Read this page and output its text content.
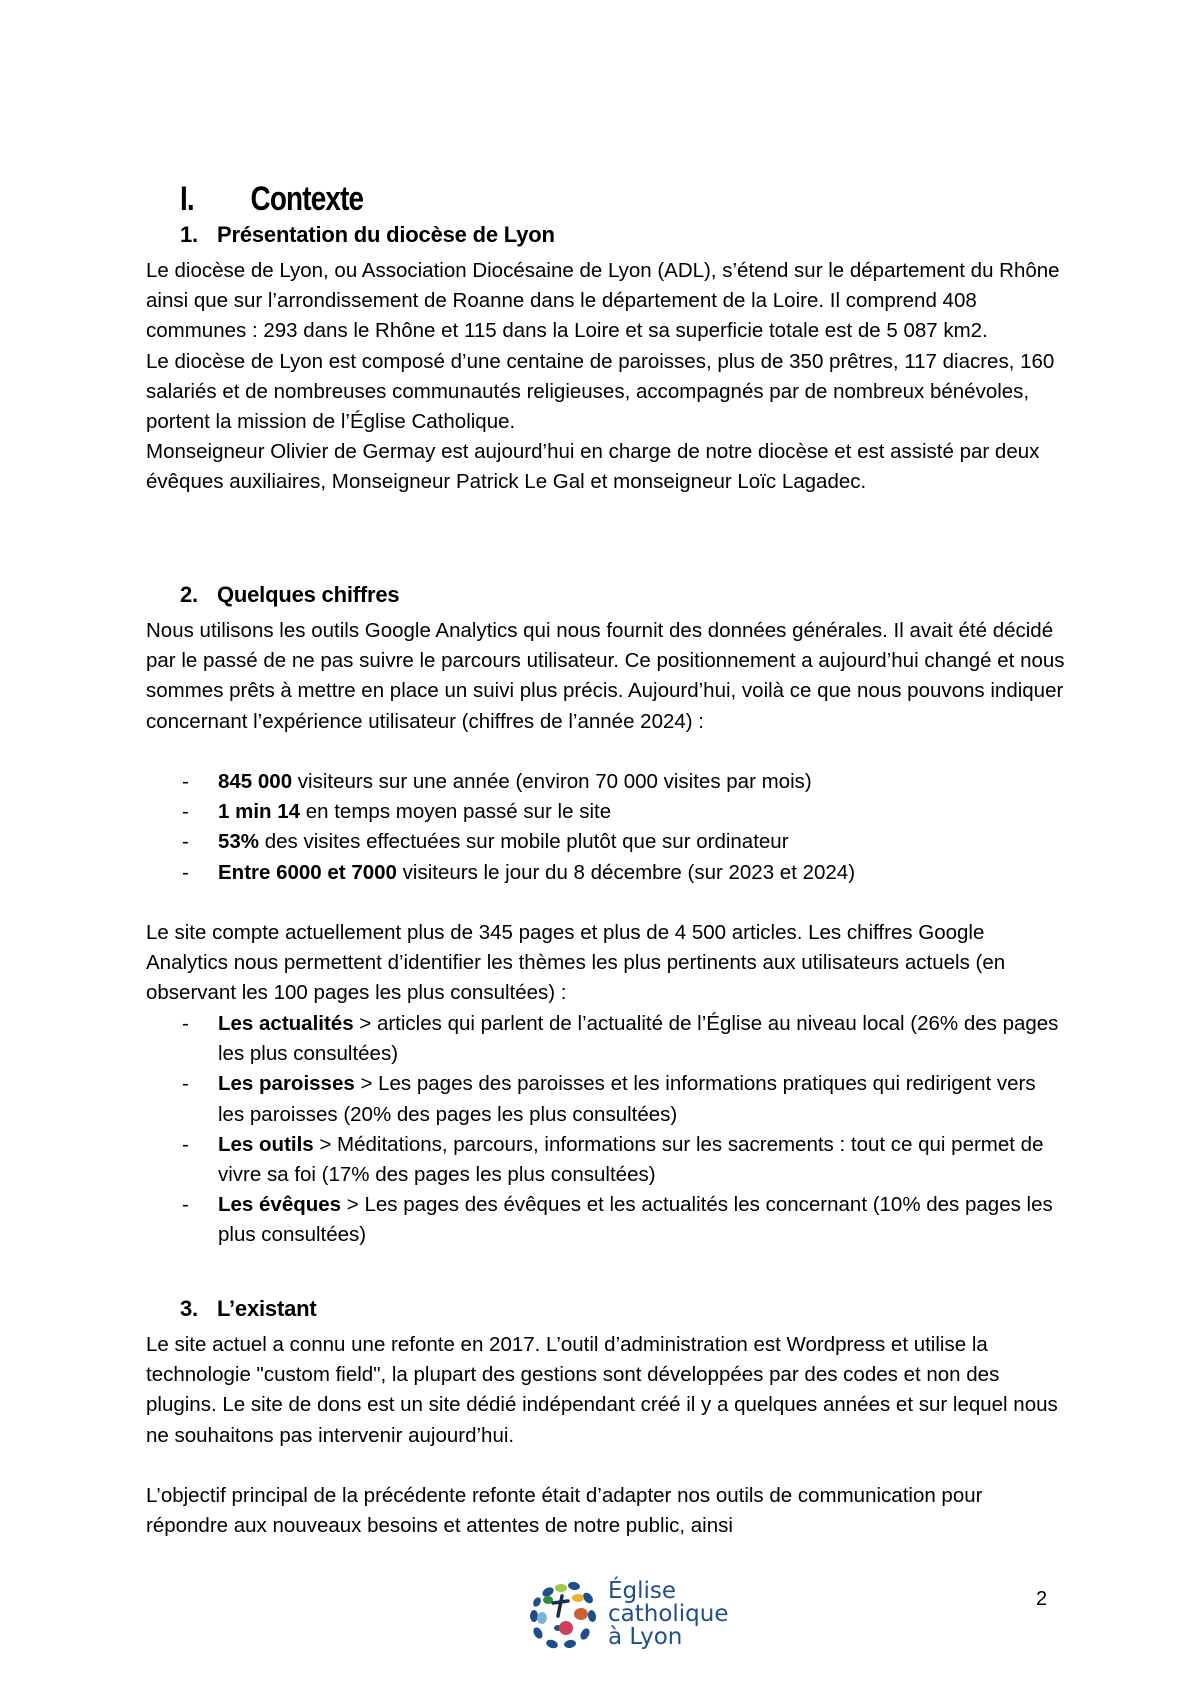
I. Contexte
1. Présentation du diocèse de Lyon

Le diocèse de Lyon, ou Association Diocésaine de Lyon (ADL), s’étend sur le département du Rhône ainsi que sur l’arrondissement de Roanne dans le département de la Loire. Il comprend 408 communes : 293 dans le Rhône et 115 dans la Loire et sa superficie totale est de 5 087 km2.

Le diocèse de Lyon est composé d’une centaine de paroisses, plus de 350 prêtres, 117 diacres, 160 salariés et de nombreuses communautés religieuses, accompagnés par de nombreux bénévoles, portent la mission de l’Église Catholique.

Monseigneur Olivier de Germay est aujourd’hui en charge de notre diocèse et est assisté par deux évêques auxiliaires, Monseigneur Patrick Le Gal et monseigneur Loïc Lagadec.

2. Quelques chiffres

Nous utilisons les outils Google Analytics qui nous fournit des données générales. Il avait été décidé par le passé de ne pas suivre le parcours utilisateur. Ce positionnement a aujourd’hui changé et nous sommes prêts à mettre en place un suivi plus précis. Aujourd’hui, voilà ce que nous pouvons indiquer concernant l’expérience utilisateur (chiffres de l’année 2024) :

- 845 000 visiteurs sur une année (environ 70 000 visites par mois)
- 1 min 14 en temps moyen passé sur le site
- 53% des visites effectuées sur mobile plutôt que sur ordinateur
- Entre 6000 et 7000 visiteurs le jour du 8 décembre (sur 2023 et 2024)

Le site compte actuellement plus de 345 pages et plus de 4 500 articles. Les chiffres Google Analytics nous permettent d’identifier les thèmes les plus pertinents aux utilisateurs actuels (en observant les 100 pages les plus consultées) :

- Les actualités > articles qui parlent de l’actualité de l’Église au niveau local (26% des pages les plus consultées)
- Les paroisses > Les pages des paroisses et les informations pratiques qui redirigent vers les paroisses (20% des pages les plus consultées)
- Les outils > Méditations, parcours, informations sur les sacrements : tout ce qui permet de vivre sa foi (17% des pages les plus consultées)
- Les évêques > Les pages des évêques et les actualités les concernant (10% des pages les plus consultées)
3. L’existant

Le site actuel a connu une refonte en 2017. L’outil d’administration est Wordpress et utilise la technologie "custom field", la plupart des gestions sont développées par des codes et non des plugins. Le site de dons est un site dédié indépendant créé il y a quelques années et sur lequel nous ne souhaitons pas intervenir aujourd’hui.

L’objectif principal de la précédente refonte était d’adapter nos outils de communication pour répondre aux nouveaux besoins et attentes de notre public, ainsi

Église
catholique
à Lyon
2
